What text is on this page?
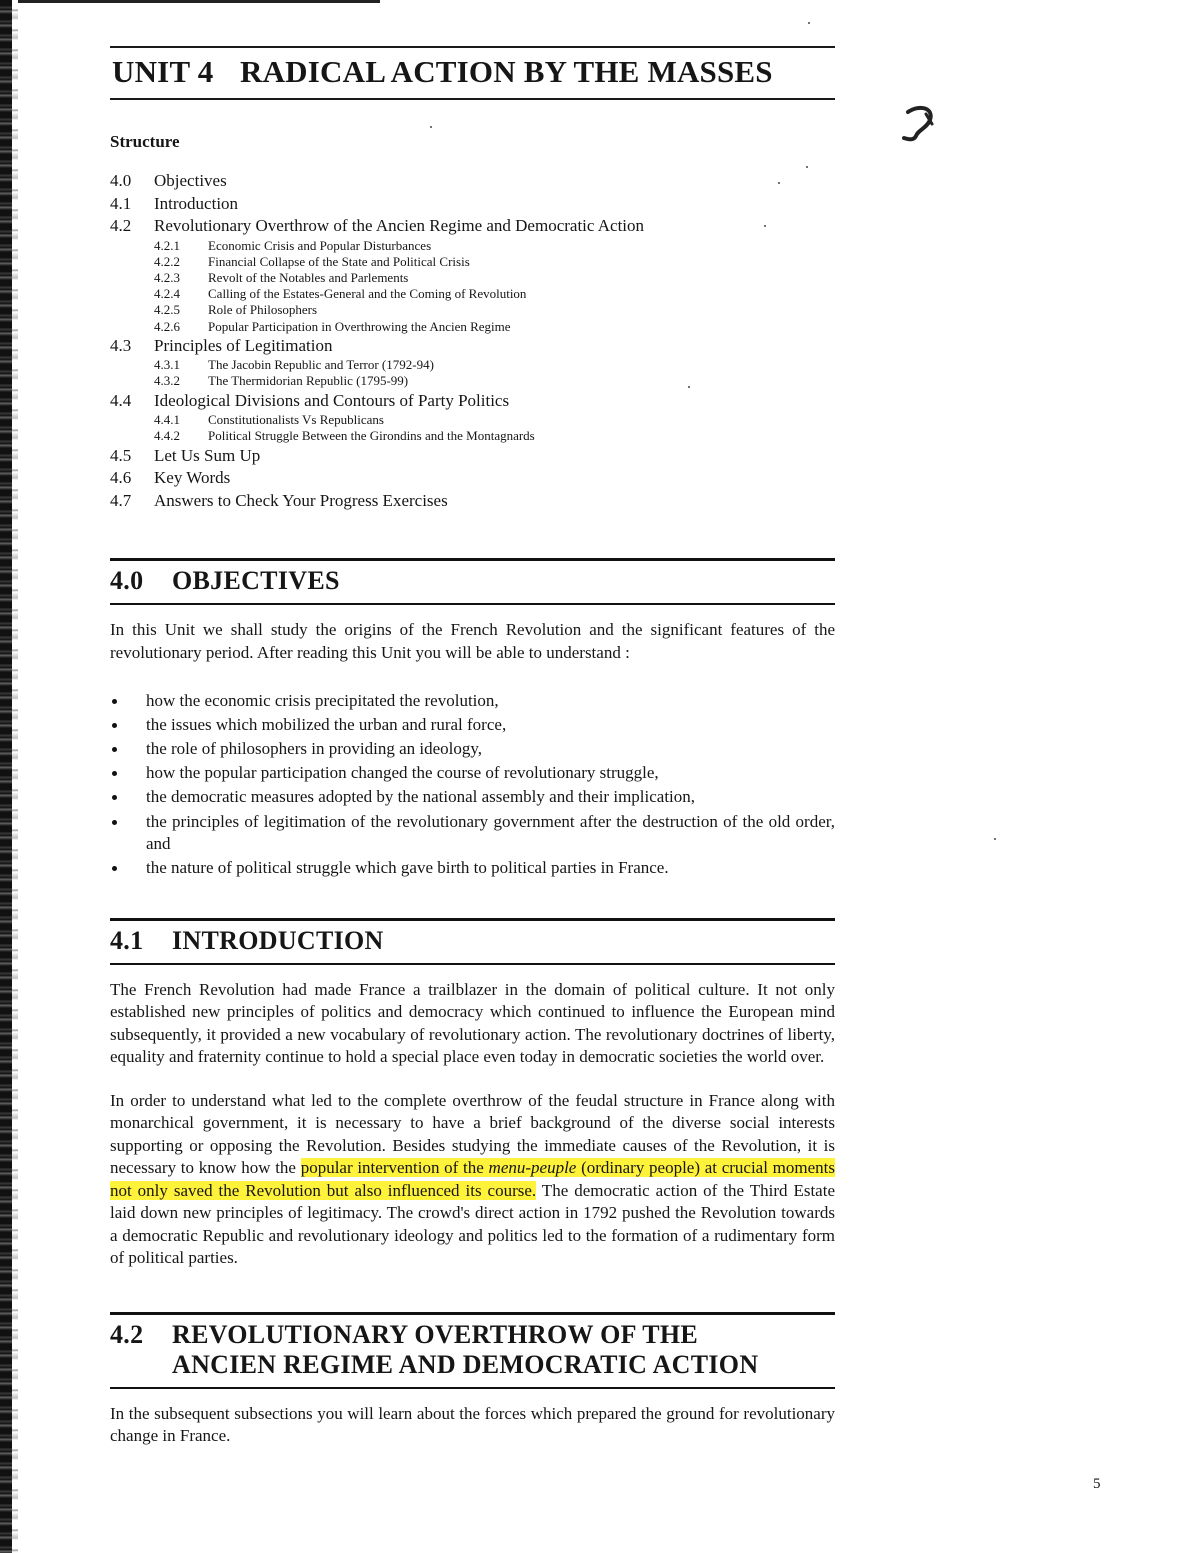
UNIT 4 RADICAL ACTION BY THE MASSES
Structure
4.0	Objectives
4.1	Introduction
4.2	Revolutionary Overthrow of the Ancien Regime and Democratic Action
4.2.1	Economic Crisis and Popular Disturbances
4.2.2	Financial Collapse of the State and Political Crisis
4.2.3	Revolt of the Notables and Parlements
4.2.4	Calling of the Estates-General and the Coming of Revolution
4.2.5	Role of Philosophers
4.2.6	Popular Participation in Overthrowing the Ancien Regime
4.3	Principles of Legitimation
4.3.1	The Jacobin Republic and Terror (1792-94)
4.3.2	The Thermidorian Republic (1795-99)
4.4	Ideological Divisions and Contours of Party Politics
4.4.1	Constitutionalists Vs Republicans
4.4.2	Political Struggle Between the Girondins and the Montagnards
4.5	Let Us Sum Up
4.6	Key Words
4.7	Answers to Check Your Progress Exercises
4.0	OBJECTIVES

In this Unit we shall study the origins of the French Revolution and the significant features of the revolutionary period. After reading this Unit you will be able to understand :

how the economic crisis precipitated the revolution,
the issues which mobilized the urban and rural force,
the role of philosophers in providing an ideology,
how the popular participation changed the course of revolutionary struggle,
the democratic measures adopted by the national assembly and their implication,
the principles of legitimation of the revolutionary government after the destruction of the old order, and
the nature of political struggle which gave birth to political parties in France.
4.1	INTRODUCTION

The French Revolution had made France a trailblazer in the domain of political culture. It not only established new principles of politics and democracy which continued to influence the European mind subsequently, it provided a new vocabulary of revolutionary action. The revolutionary doctrines of liberty, equality and fraternity continue to hold a special place even today in democratic societies the world over.

In order to understand what led to the complete overthrow of the feudal structure in France along with monarchical government, it is necessary to have a brief background of the diverse social interests supporting or opposing the Revolution. Besides studying the immediate causes of the Revolution, it is necessary to know how the popular intervention of the menu-peuple (ordinary people) at crucial moments not only saved the Revolution but also influenced its course. The democratic action of the Third Estate laid down new principles of legitimacy. The crowd's direct action in 1792 pushed the Revolution towards a democratic Republic and revolutionary ideology and politics led to the formation of a rudimentary form of political parties.

4.2	REVOLUTIONARY OVERTHROW OF THE
ANCIEN REGIME AND DEMOCRATIC ACTION

In the subsequent subsections you will learn about the forces which prepared the ground for revolutionary change in France.

5
